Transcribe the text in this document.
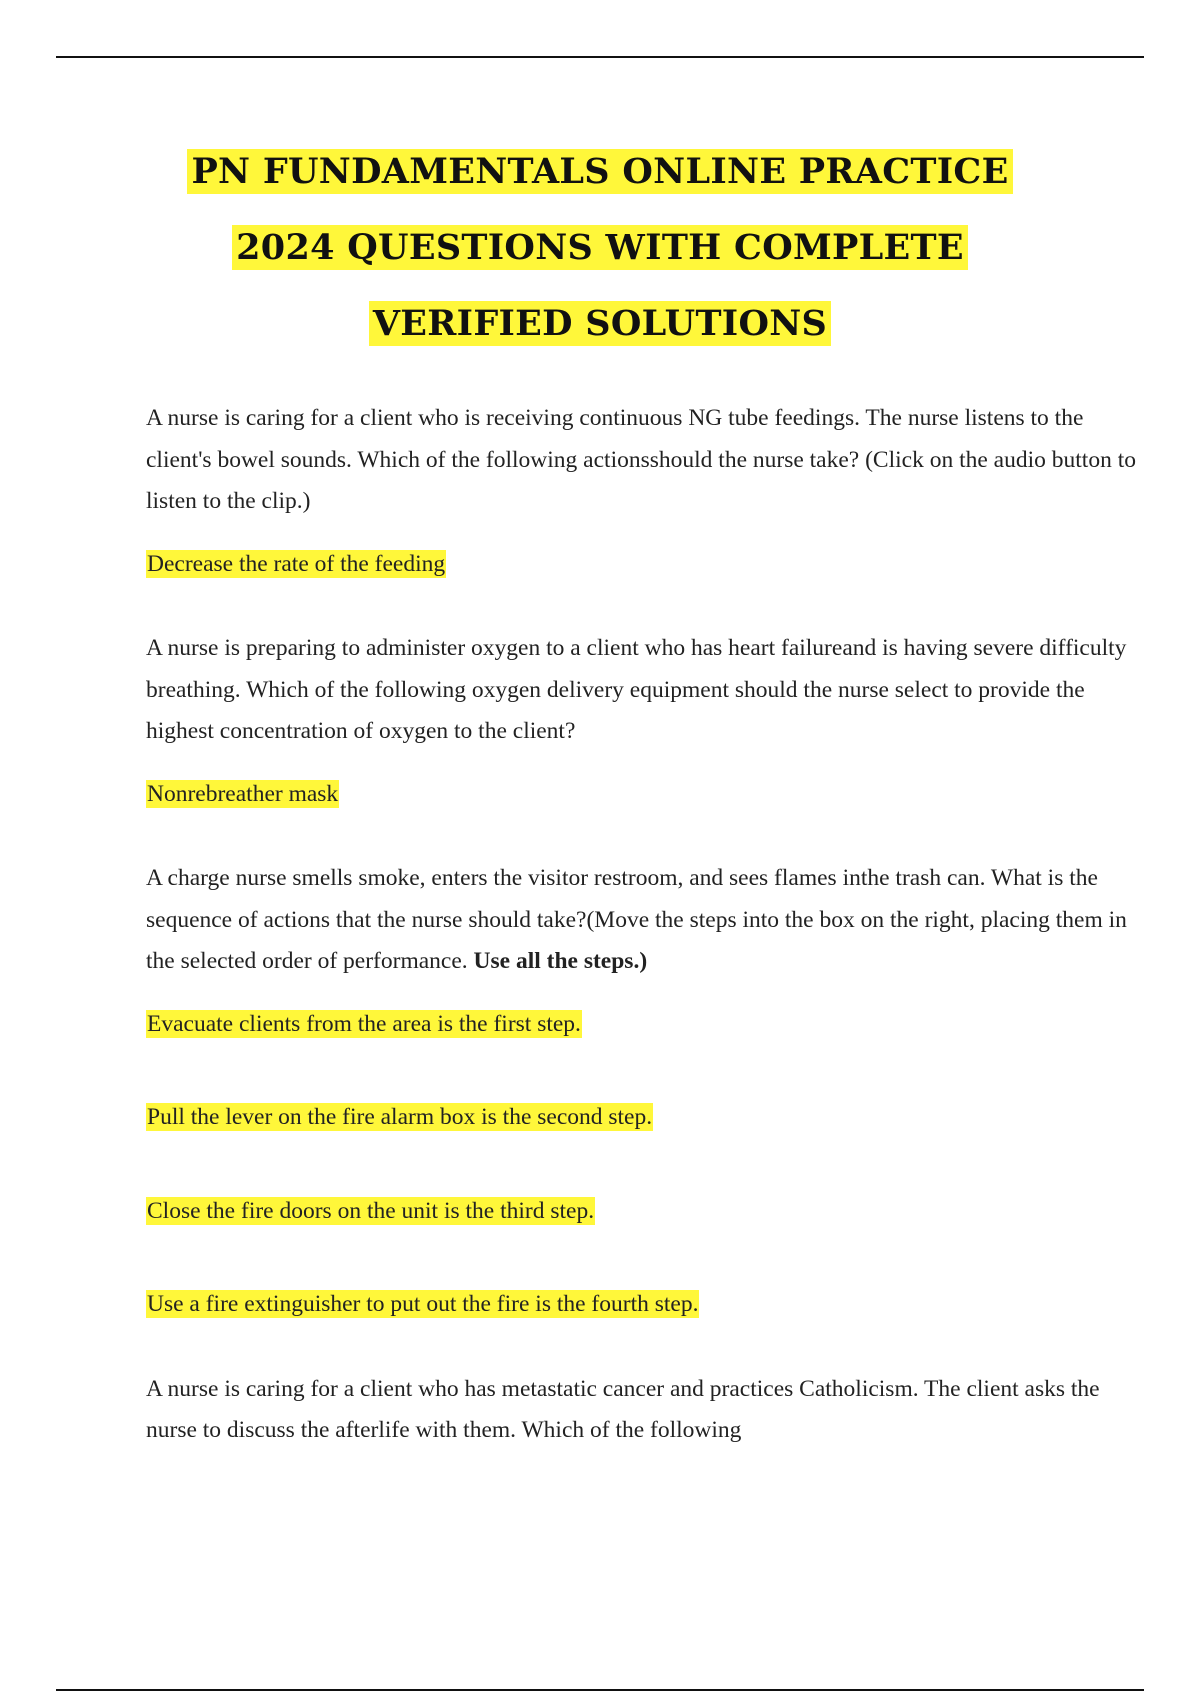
PN FUNDAMENTALS ONLINE PRACTICE
2024 QUESTIONS WITH COMPLETE
VERIFIED SOLUTIONS

A nurse is caring for a client who is receiving continuous NG tube feedings. The nurse listens to the client's bowel sounds. Which of the following actionsshould the nurse take? (Click on the audio button to listen to the clip.)

Decrease the rate of the feeding

A nurse is preparing to administer oxygen to a client who has heart failureand is having severe difficulty breathing. Which of the following oxygen delivery equipment should the nurse select to provide the highest concentration of oxygen to the client?

Nonrebreather mask

A charge nurse smells smoke, enters the visitor restroom, and sees flames inthe trash can. What is the sequence of actions that the nurse should take?(Move the steps into the box on the right, placing them in the selected order of performance. Use all the steps.)

Evacuate clients from the area is the first step.

Pull the lever on the fire alarm box is the second step.

Close the fire doors on the unit is the third step.

Use a fire extinguisher to put out the fire is the fourth step.

A nurse is caring for a client who has metastatic cancer and practices Catholicism. The client asks the nurse to discuss the afterlife with them. Which of the following
